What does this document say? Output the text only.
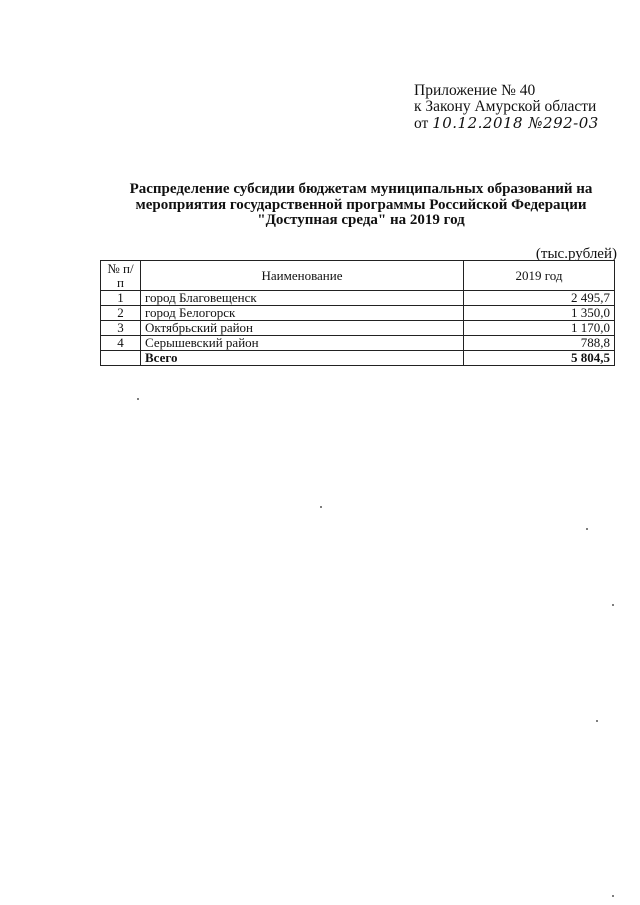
Приложение № 40
к Закону Амурской области
от 10.12.2018 №292-03
Распределение субсидии бюджетам муниципальных образований на
мероприятия государственной программы Российской Федерации
"Доступная среда" на 2019 год
(тыс.рублей)
№ п/п	Наименование	2019 год
1	город Благовещенск	2 495,7
2	город Белогорск	1 350,0
3	Октябрьский район	1 170,0
4	Серышевский район	788,8
	Всего	5 804,5
